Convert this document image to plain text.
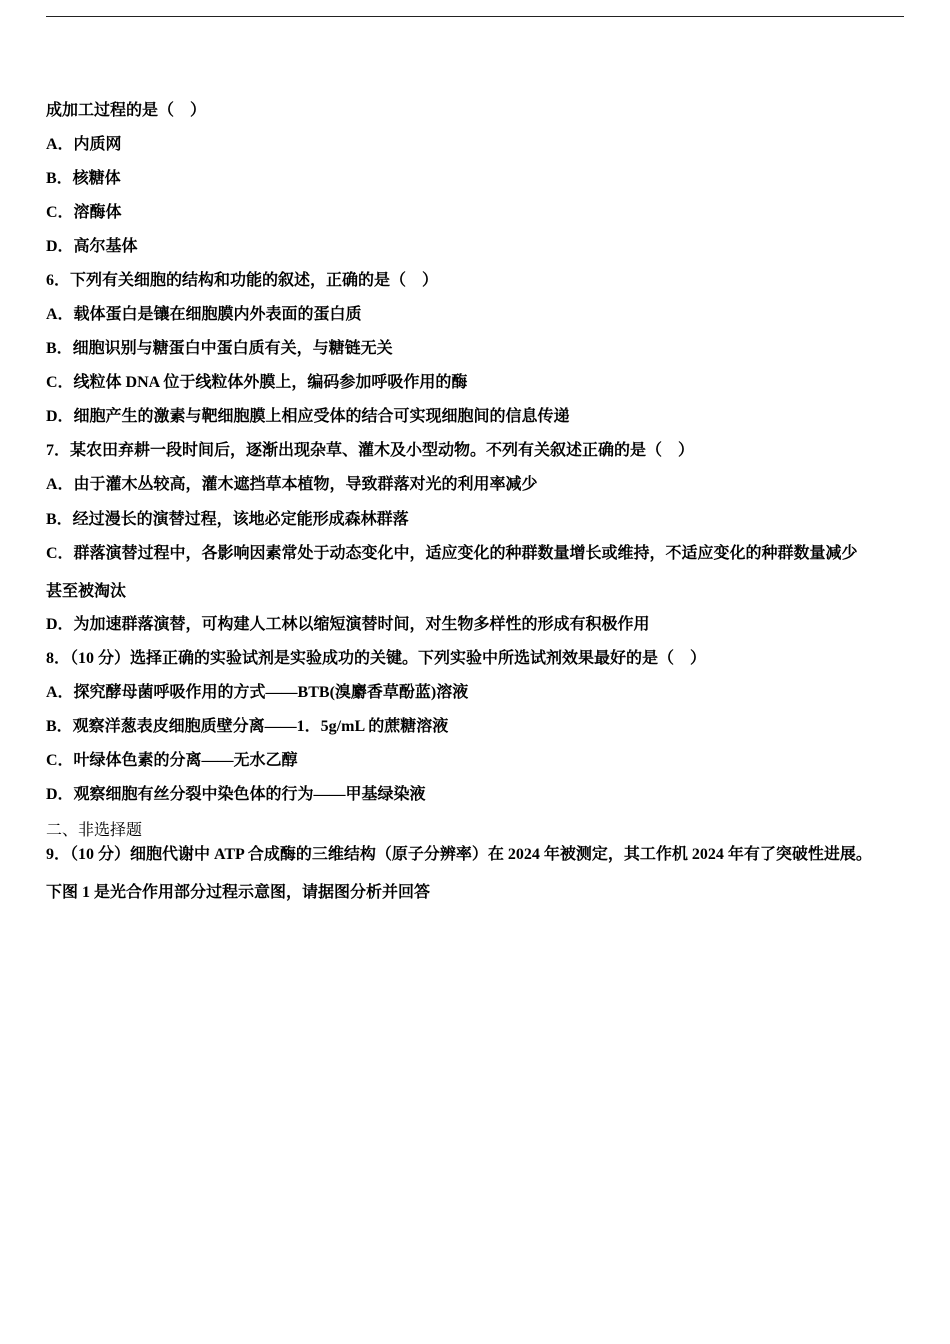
成加工过程的是（　）
A．内质网
B．核糖体
C．溶酶体
D．高尔基体
6．下列有关细胞的结构和功能的叙述，正确的是（　）
A．载体蛋白是镶在细胞膜内外表面的蛋白质
B．细胞识别与糖蛋白中蛋白质有关，与糖链无关
C．线粒体 DNA 位于线粒体外膜上，编码参加呼吸作用的酶
D．细胞产生的激素与靶细胞膜上相应受体的结合可实现细胞间的信息传递
7．某农田弃耕一段时间后，逐渐出现杂草、灌木及小型动物。不列有关叙述正确的是（　）
A．由于灌木丛较高，灌木遮挡草本植物，导致群落对光的利用率减少
B．经过漫长的演替过程，该地必定能形成森林群落
C．群落演替过程中，各影响因素常处于动态变化中，适应变化的种群数量增长或维持，不适应变化的种群数量减少
甚至被淘汰
D．为加速群落演替，可构建人工林以缩短演替时间，对生物多样性的形成有积极作用
8．（10 分）选择正确的实验试剂是实验成功的关键。下列实验中所选试剂效果最好的是（　）
A．探究酵母菌呼吸作用的方式——BTB(溴麝香草酚蓝)溶液
B．观察洋葱表皮细胞质壁分离——1．5g/mL 的蔗糖溶液
C．叶绿体色素的分离——无水乙醇
D．观察细胞有丝分裂中染色体的行为——甲基绿染液
二、非选择题
9．（10 分）细胞代谢中 ATP 合成酶的三维结构（原子分辨率）在 2024 年被测定，其工作机 2024 年有了突破性进展。
下图 1 是光合作用部分过程示意图，请据图分析并回答
